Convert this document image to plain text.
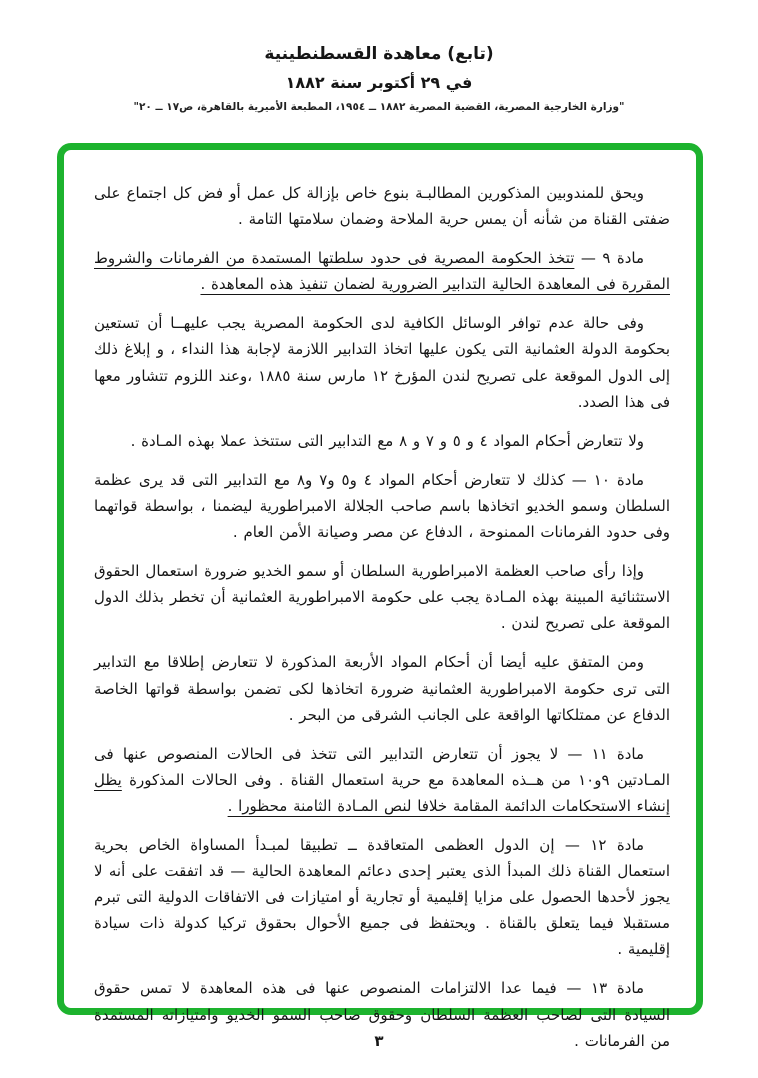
(تابع) معاهدة القسطنطينية
في ٢٩ أكتوبر سنة ١٨٨٢
"وزارة الخارجية المصرية، القضية المصرية ١٨٨٢ ــ ١٩٥٤، المطبعة الأميرية بالقاهرة، ص١٧ ــ ٢٠"

ويحق للمندوبين المذكورين المطالبـة بنوع خاص بإزالة كل عمل أو فض كل اجتماع على ضفتى القناة من شأنه أن يمس حرية الملاحة وضمان سلامتها التامة .

مادة ٩ — تتخذ الحكومة المصرية فى حدود سلطتها المستمدة من الفرمانات والشروط المقررة فى المعاهدة الحالية التدابير الضرورية لضمان تنفيذ هذه المعاهدة .

وفى حالة عدم توافر الوسائل الكافية لدى الحكومة المصرية يجب عليهــا أن تستعين بحكومة الدولة العثمانية التى يكون عليها اتخاذ التدابير اللازمة لإجابة هذا النداء ، و إبلاغ ذلك إلى الدول الموقعة على تصريح لندن المؤرخ ١٢ مارس سنة ١٨٨٥ ،وعند اللزوم تتشاور معها فى هذا الصدد.

ولا تتعارض أحكام المواد ٤ و ٥ و ٧ و ٨ مع التدابير التى ستتخذ عملا بهذه المـادة .

مادة ١٠ — كذلك لا تتعارض أحكام المواد ٤ و٥ و٧ و٨ مع التدابير التى قد يرى عظمة السلطان وسمو الخديو اتخاذها باسم صاحب الجلالة الامبراطورية ليضمنا ، بواسطة قواتهما وفى حدود الفرمانات الممنوحة ، الدفاع عن مصر وصيانة الأمن العام .

وإذا رأى صاحب العظمة الامبراطورية السلطان أو سمو الخديو ضرورة استعمال الحقوق الاستثنائية المبينة بهذه المـادة يجب على حكومة الامبراطورية العثمانية أن تخطر بذلك الدول الموقعة على تصريح لندن .

ومن المتفق عليه أيضا أن أحكام المواد الأربعة المذكورة لا تتعارض إطلاقا مع التدابير التى ترى حكومة الامبراطورية العثمانية ضرورة اتخاذها لكى تضمن بواسطة قواتها الخاصة الدفاع عن ممتلكاتها الواقعة على الجانب الشرقى من البحر .

مادة ١١ — لا يجوز أن تتعارض التدابير التى تتخذ فى الحالات المنصوص عنها فى المـادتين ٩و١٠ من هــذه المعاهدة مع حرية استعمال القناة . وفى الحالات المذكورة يظل إنشاء الاستحكامات الدائمة المقامة خلافا لنص المـادة الثامنة محظورا .

مادة ١٢ — إن الدول العظمى المتعاقدة ــ تطبيقا لمبـدأ المساواة الخاص بحرية استعمال القناة ذلك المبدأ الذى يعتبر إحدى دعائم المعاهدة الحالية — قد اتفقت على أنه لا يجوز لأحدها الحصول على مزايا إقليمية أو تجارية أو امتيازات فى الاتفاقات الدولية التى تبرم مستقبلا فيما يتعلق بالقناة . ويحتفظ فى جميع الأحوال بحقوق تركيا كدولة ذات سيادة إقليمية .

مادة ١٣ — فيما عدا الالتزامات المنصوص عنها فى هذه المعاهدة لا تمس حقوق السيادة التى لصاحب العظمة السلطان وحقوق صاحب السمو الخديو وامتيازاته المستمدة من الفرمانات .

٣
